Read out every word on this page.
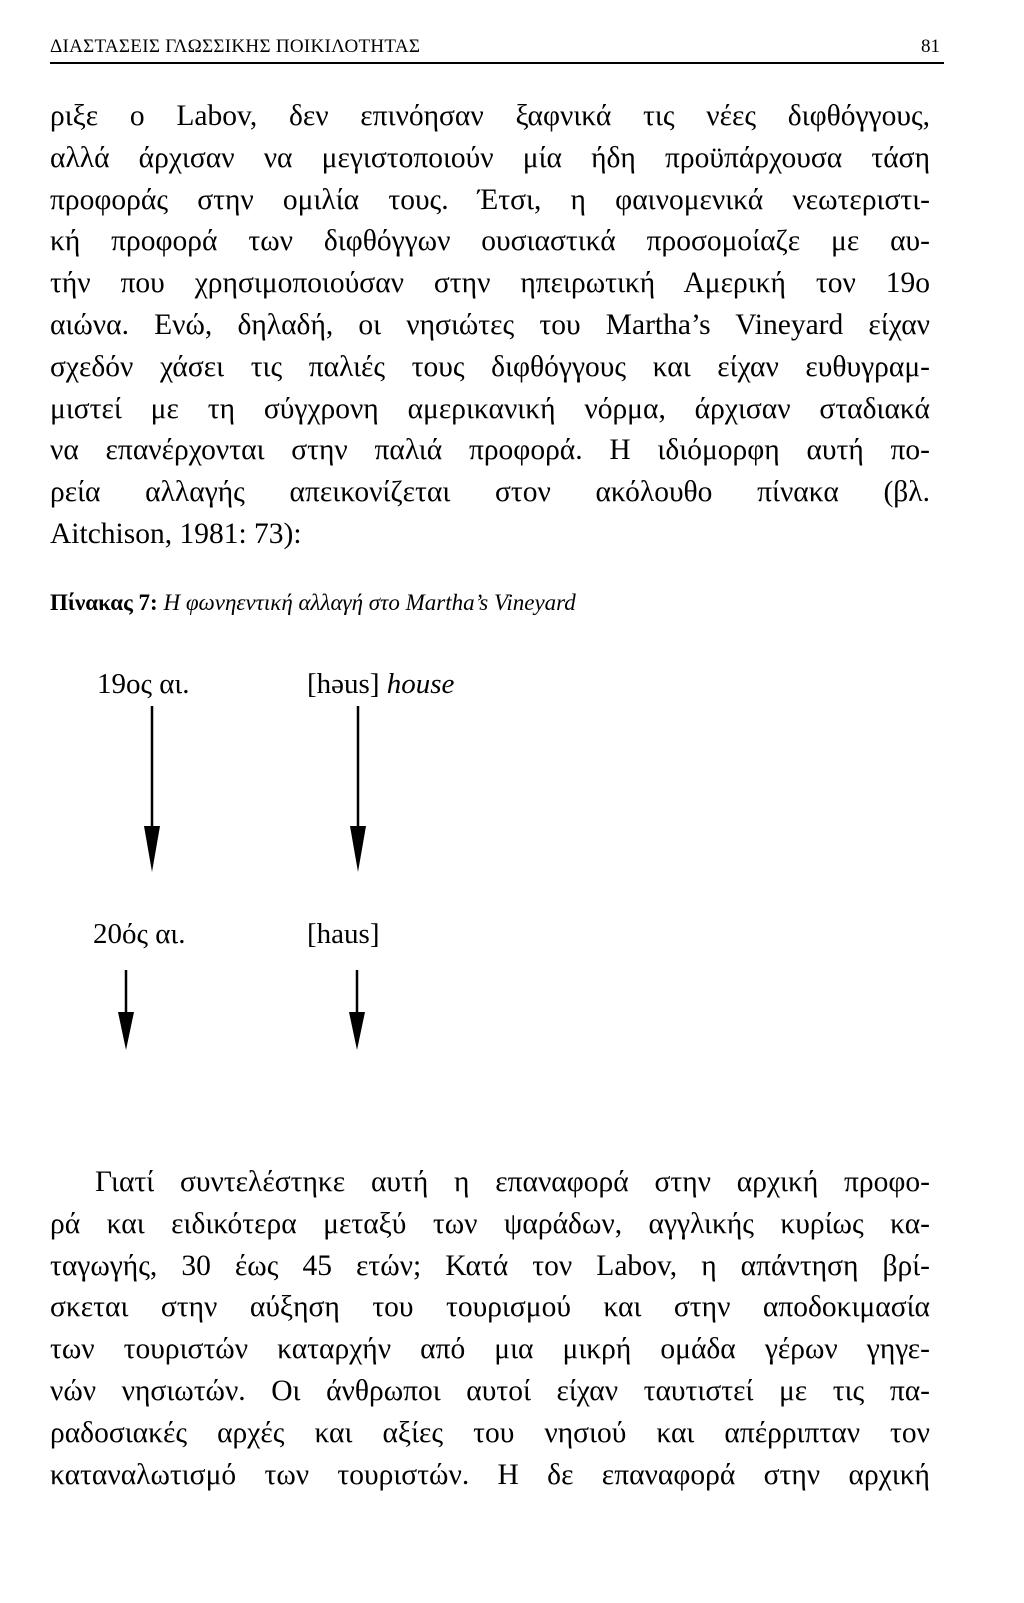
ΔΙΑΣΤΑΣΕΙΣ ΓΛΩΣΣΙΚΗΣ ΠΟΙΚΙΛΟΤΗΤΑΣ	81
ριξε ο Labov, δεν επινόησαν ξαφνικά τις νέες διφθόγγους,
αλλά άρχισαν να μεγιστοποιούν μία ήδη προϋπάρχουσα τάση
προφοράς στην ομιλία τους. Έτσι, η φαινομενικά νεωτεριστι-
κή προφορά των διφθόγγων ουσιαστικά προσομοίαζε με αυ-
τήν που χρησιμοποιούσαν στην ηπειρωτική Αμερική τον 19ο
αιώνα. Ενώ, δηλαδή, οι νησιώτες του Martha’s Vineyard είχαν
σχεδόν χάσει τις παλιές τους διφθόγγους και είχαν ευθυγραμ-
μιστεί με τη σύγχρονη αμερικανική νόρμα, άρχισαν σταδιακά
να επανέρχονται στην παλιά προφορά. Η ιδιόμορφη αυτή πο-
ρεία αλλαγής απεικονίζεται στον ακόλουθο πίνακα (βλ.
Aitchison, 1981: 73):
Πίνακας 7: Η φωνηεντική αλλαγή στο Martha’s Vineyard
19ος αι.	[həus] house
20ός αι.	[haus]
Γιατί συντελέστηκε αυτή η επαναφορά στην αρχική προφο-
ρά και ειδικότερα μεταξύ των ψαράδων, αγγλικής κυρίως κα-
ταγωγής, 30 έως 45 ετών; Κατά τον Labov, η απάντηση βρί-
σκεται στην αύξηση του τουρισμού και στην αποδοκιμασία
των τουριστών καταρχήν από μια μικρή ομάδα γέρων γηγε-
νών νησιωτών. Οι άνθρωποι αυτοί είχαν ταυτιστεί με τις πα-
ραδοσιακές αρχές και αξίες του νησιού και απέρριπταν τον
καταναλωτισμό των τουριστών. Η δε επαναφορά στην αρχική
